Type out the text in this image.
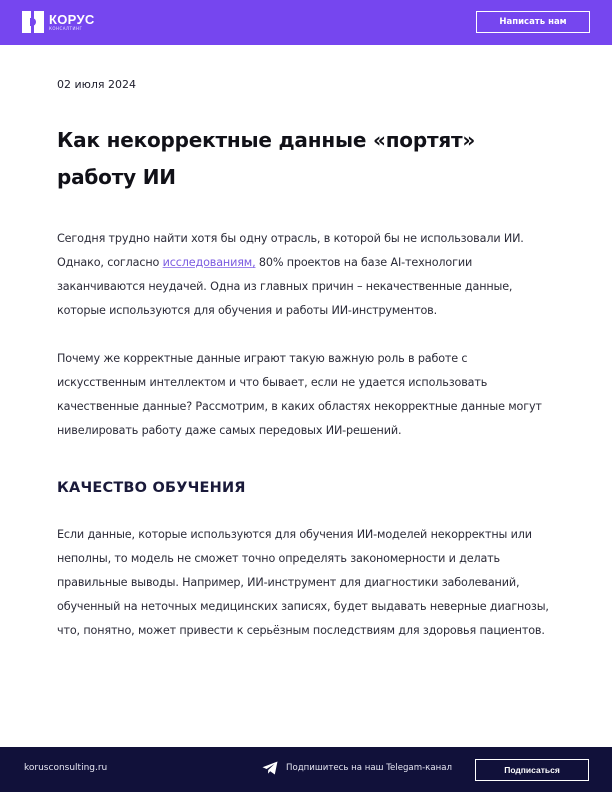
КОРУС
КОНСАЛТИНГ
Написать нам
02 июля 2024
Как некорректные данные «портят» работу ИИ

Сегодня трудно найти хотя бы одну отрасль, в которой бы не использовали ИИ. Однако, согласно исследованиям, 80% проектов на базе AI-технологии заканчиваются неудачей. Одна из главных причин – некачественные данные, которые используются для обучения и работы ИИ-инструментов.

Почему же корректные данные играют такую важную роль в работе с искусственным интеллектом и что бывает, если не удается использовать качественные данные? Рассмотрим, в каких областях некорректные данные могут нивелировать работу даже самых передовых ИИ-решений.

КАЧЕСТВО ОБУЧЕНИЯ

Если данные, которые используются для обучения ИИ-моделей некорректны или неполны, то модель не сможет точно определять закономерности и делать правильные выводы. Например, ИИ-инструмент для диагностики заболеваний, обученный на неточных медицинских записях, будет выдавать неверные диагнозы, что, понятно, может привести к серьёзным последствиям для здоровья пациентов.

korusconsulting.ru	Подпишитесь на наш Telegam-канал	Подписаться
